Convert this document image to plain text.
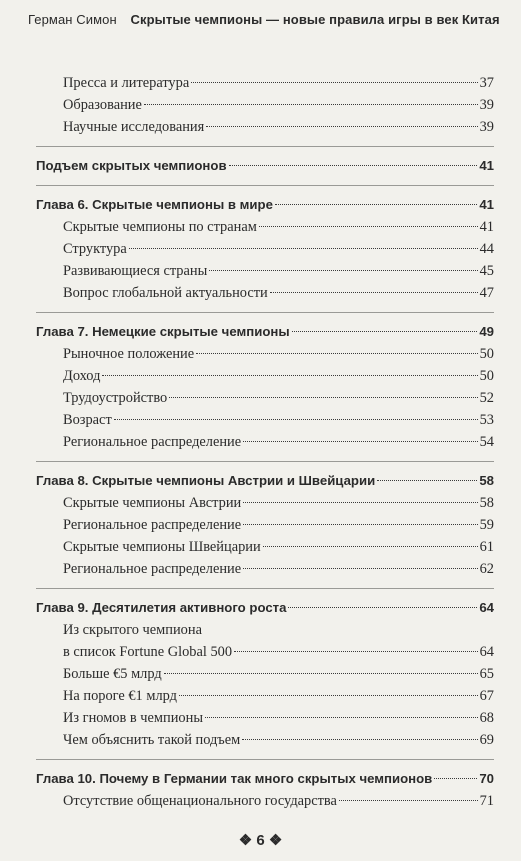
Герман Симон Скрытые чемпионы — новые правила игры в век Китая
Пресса и литература	37
Образование	39
Научные исследования	39
Подъем скрытых чемпионов	41
Глава 6. Скрытые чемпионы в мире	41
Скрытые чемпионы по странам	41
Структура	44
Развивающиеся страны	45
Вопрос глобальной актуальности	47
Глава 7. Немецкие скрытые чемпионы	49
Рыночное положение	50
Доход	50
Трудоустройство	52
Возраст	53
Региональное распределение	54
Глава 8. Скрытые чемпионы Австрии и Швейцарии	58
Скрытые чемпионы Австрии	58
Региональное распределение	59
Скрытые чемпионы Швейцарии	61
Региональное распределение	62
Глава 9. Десятилетия активного роста	64
Из скрытого чемпиона
в список Fortune Global 500	64
Больше €5 млрд	65
На пороге €1 млрд	67
Из гномов в чемпионы	68
Чем объяснить такой подъем	69
Глава 10. Почему в Германии так много скрытых чемпионов	70
Отсутствие общенационального государства	71
❖ 6 ❖
